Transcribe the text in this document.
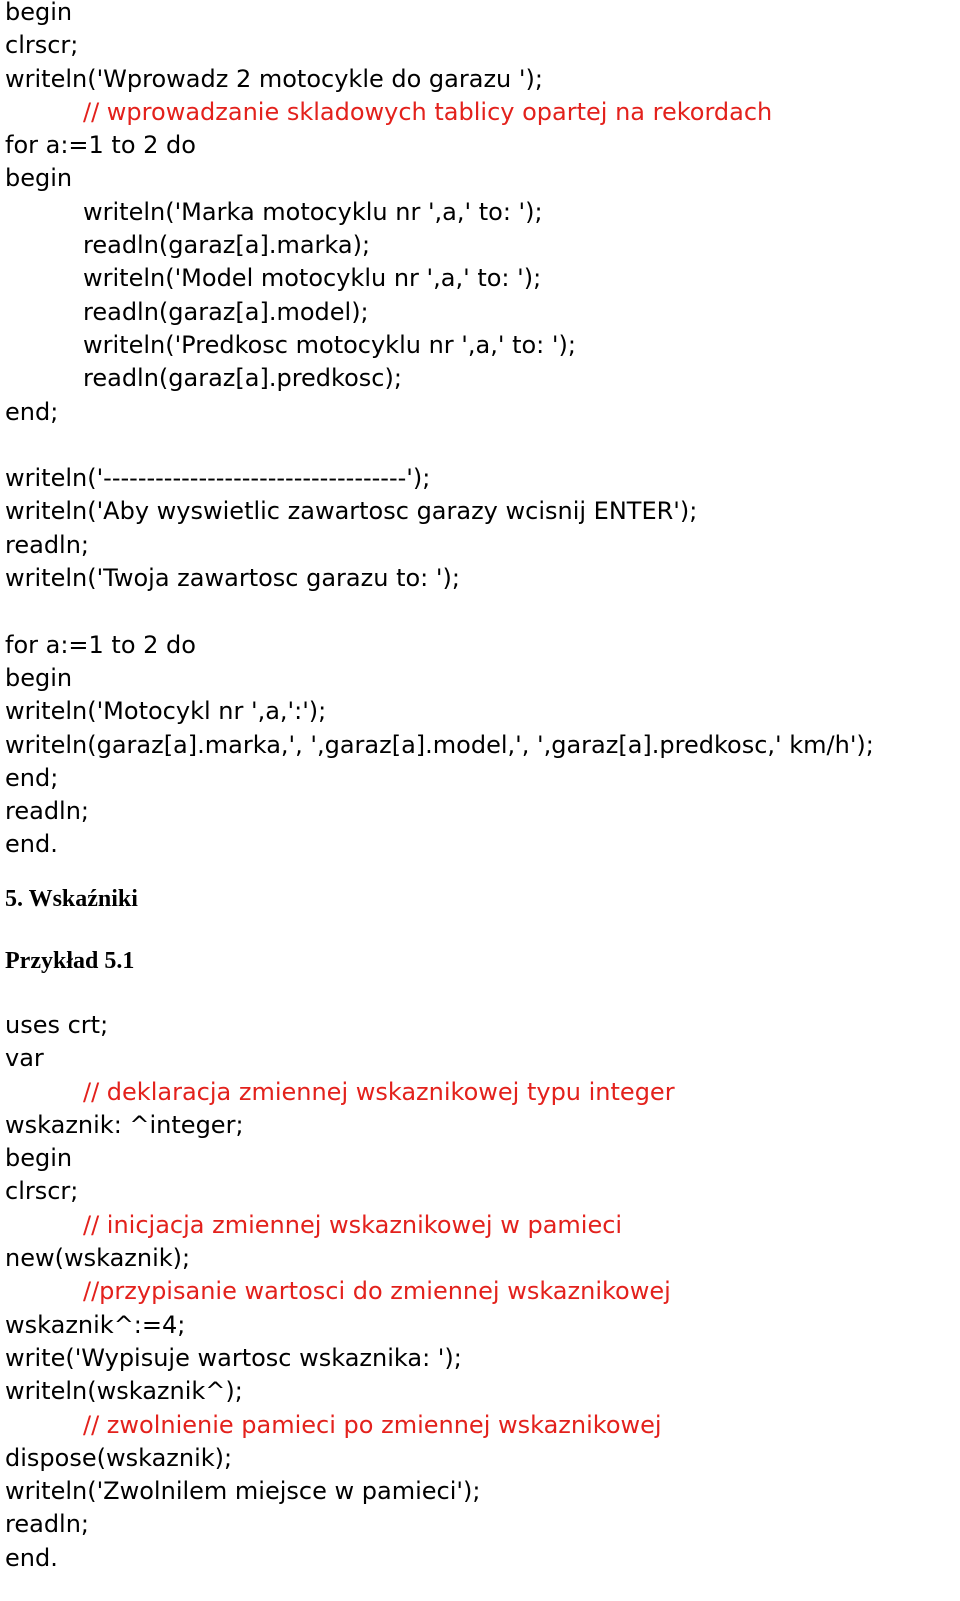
begin
clrscr;
writeln('Wprowadz 2 motocykle do garazu ');
// wprowadzanie skladowych tablicy opartej na rekordach
for a:=1 to 2 do
begin
writeln('Marka motocyklu nr ',a,' to: ');
readln(garaz[a].marka);
writeln('Model motocyklu nr ',a,' to: ');
readln(garaz[a].model);
writeln('Predkosc motocyklu nr ',a,' to: ');
readln(garaz[a].predkosc);
end;
writeln('-----------------------------------');
writeln('Aby wyswietlic zawartosc garazy wcisnij ENTER');
readln;
writeln('Twoja zawartosc garazu to: ');
for a:=1 to 2 do
begin
writeln('Motocykl nr ',a,':');
writeln(garaz[a].marka,', ',garaz[a].model,', ',garaz[a].predkosc,' km/h');
end;
readln;
end.
5. Wskaźniki
Przykład 5.1
uses crt;
var
// deklaracja zmiennej wskaznikowej typu integer
wskaznik: ^integer;
begin
clrscr;
// inicjacja zmiennej wskaznikowej w pamieci
new(wskaznik);
//przypisanie wartosci do zmiennej wskaznikowej
wskaznik^:=4;
write('Wypisuje wartosc wskaznika: ');
writeln(wskaznik^);
// zwolnienie pamieci po zmiennej wskaznikowej
dispose(wskaznik);
writeln('Zwolnilem miejsce w pamieci');
readln;
end.
